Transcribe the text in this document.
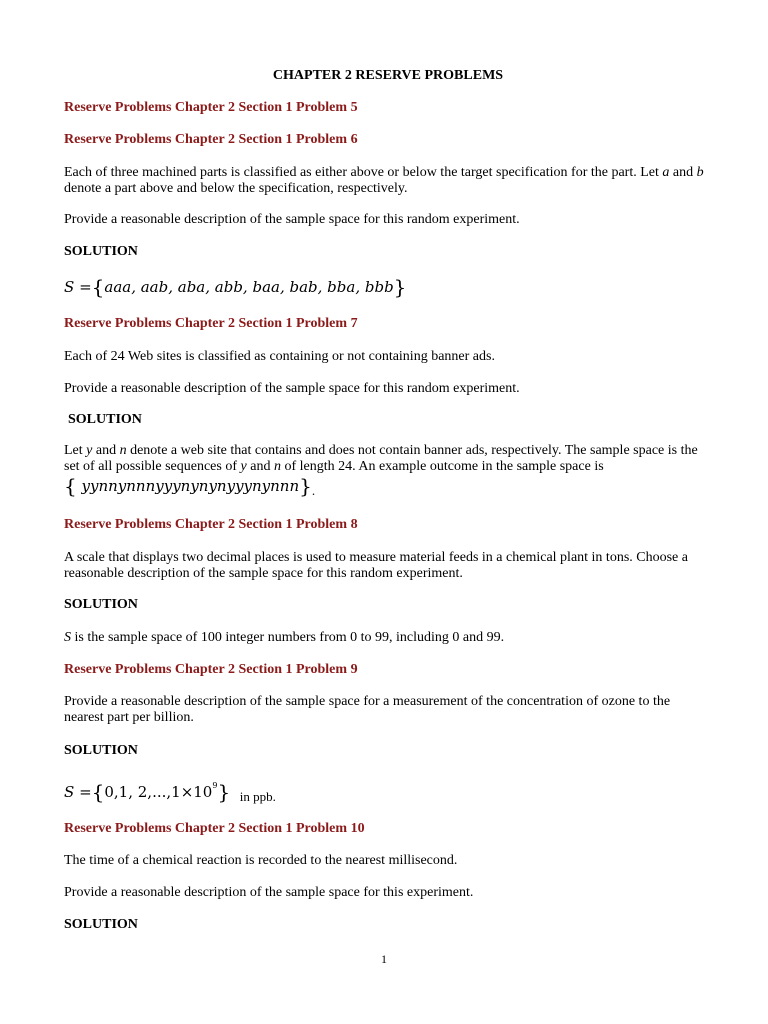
CHAPTER 2 RESERVE PROBLEMS

Reserve Problems Chapter 2 Section 1 Problem 5

Reserve Problems Chapter 2 Section 1 Problem 6

Each of three machined parts is classified as either above or below the target specification for the part. Let a and b denote a part above and below the specification, respectively.

Provide a reasonable description of the sample space for this random experiment.

SOLUTION

S ={aaa, aab, aba, abb, baa, bab, bba, bbb}

Reserve Problems Chapter 2 Section 1 Problem 7

Each of 24 Web sites is classified as containing or not containing banner ads.

Provide a reasonable description of the sample space for this random experiment.

SOLUTION

Let y and n denote a web site that contains and does not contain banner ads, respectively. The sample space is the set of all possible sequences of y and n of length 24. An example outcome in the sample space is

{ yynnynnnyyynynynyyynynnn}.

Reserve Problems Chapter 2 Section 1 Problem 8

A scale that displays two decimal places is used to measure material feeds in a chemical plant in tons. Choose a reasonable description of the sample space for this random experiment.

SOLUTION

S is the sample space of 100 integer numbers from 0 to 99, including 0 and 99.

Reserve Problems Chapter 2 Section 1 Problem 9

Provide a reasonable description of the sample space for a measurement of the concentration of ozone to the nearest part per billion.

SOLUTION

S ={0,1, $2,...,1\times 10^9$} in ppb.

Reserve Problems Chapter 2 Section 1 Problem 10

The time of a chemical reaction is recorded to the nearest millisecond.

Provide a reasonable description of the sample space for this experiment.

SOLUTION

1
